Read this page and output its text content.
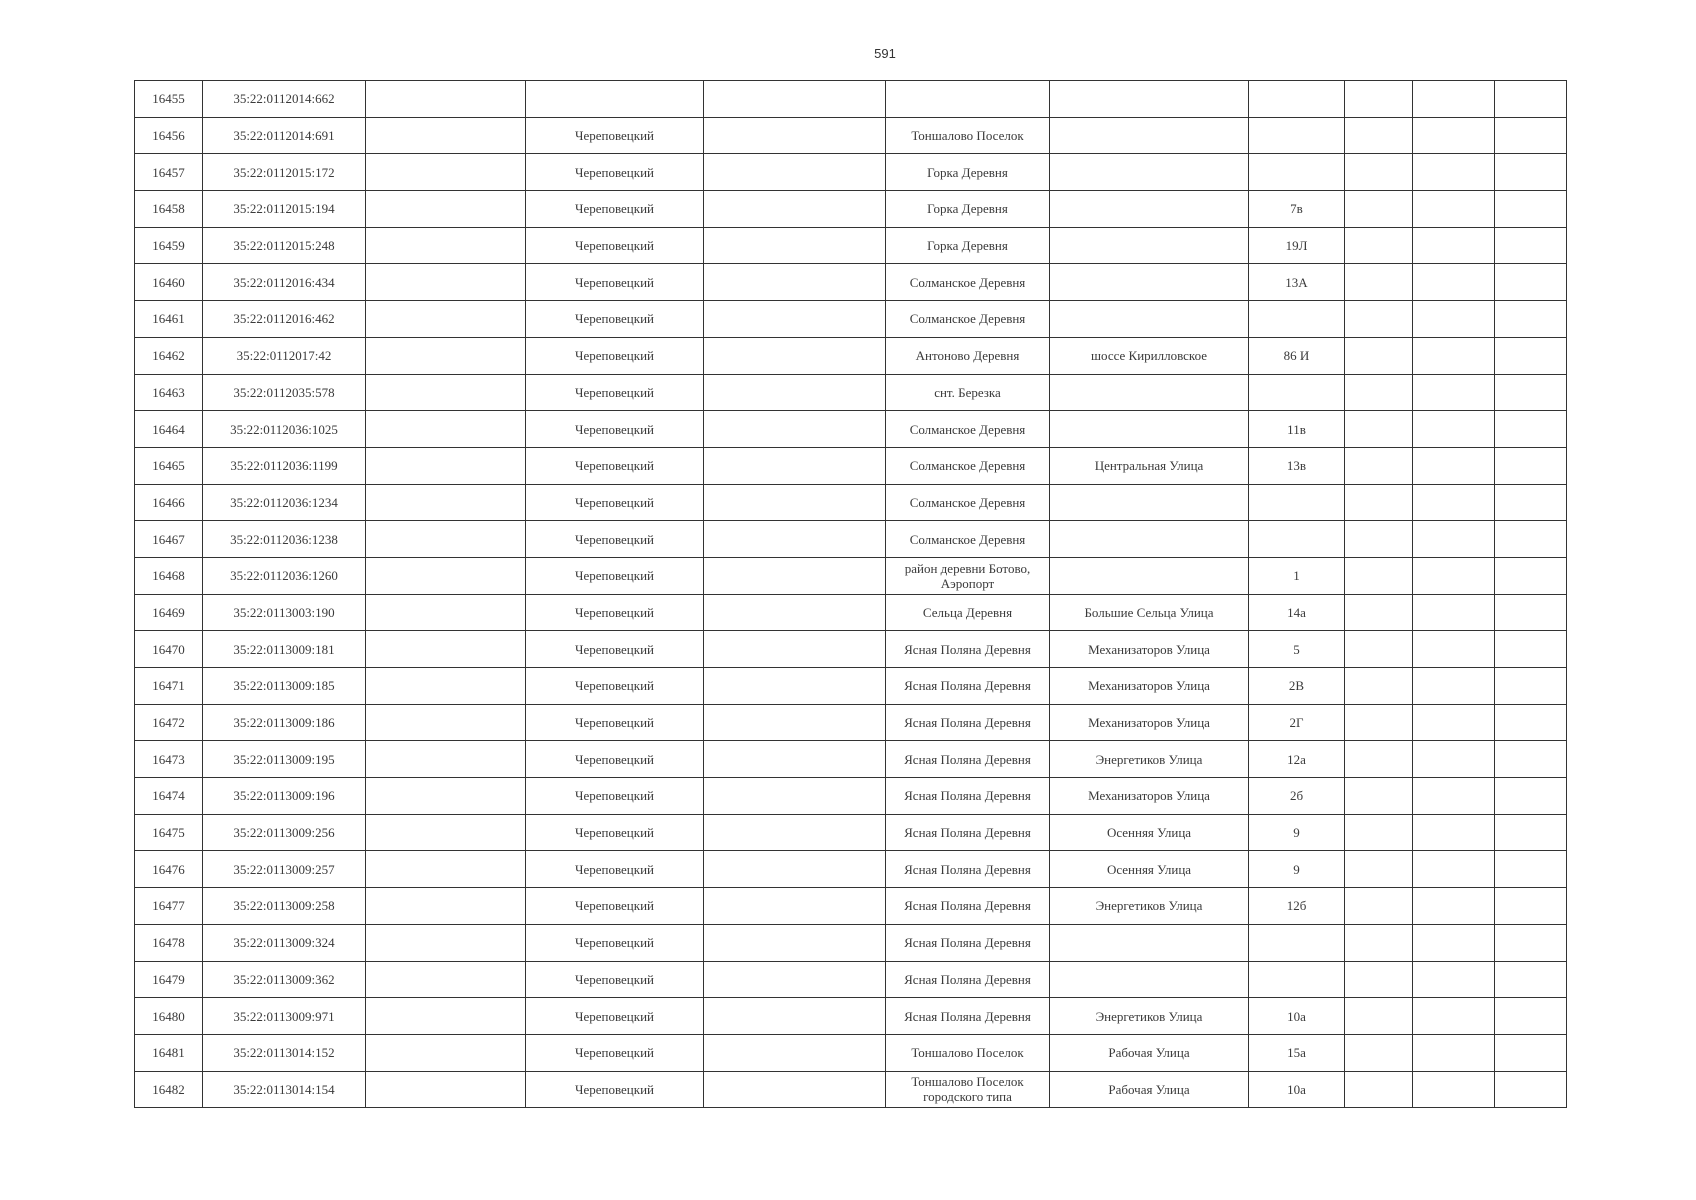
591
16455	35:22:0112014:662									
16456	35:22:0112014:691		Череповецкий		Тоншалово Поселок					
16457	35:22:0112015:172		Череповецкий		Горка Деревня					
16458	35:22:0112015:194		Череповецкий		Горка Деревня		7в			
16459	35:22:0112015:248		Череповецкий		Горка Деревня		19Л			
16460	35:22:0112016:434		Череповецкий		Солманское Деревня		13А			
16461	35:22:0112016:462		Череповецкий		Солманское Деревня					
16462	35:22:0112017:42		Череповецкий		Антоново Деревня	шоссе Кирилловское	86 И			
16463	35:22:0112035:578		Череповецкий		снт. Березка					
16464	35:22:0112036:1025		Череповецкий		Солманское Деревня		11в			
16465	35:22:0112036:1199		Череповецкий		Солманское Деревня	Центральная Улица	13в			
16466	35:22:0112036:1234		Череповецкий		Солманское Деревня					
16467	35:22:0112036:1238		Череповецкий		Солманское Деревня					
16468	35:22:0112036:1260		Череповецкий		район деревни Ботово, Аэропорт		1			
16469	35:22:0113003:190		Череповецкий		Сельца Деревня	Большие Сельца Улица	14а			
16470	35:22:0113009:181		Череповецкий		Ясная Поляна Деревня	Механизаторов Улица	5			
16471	35:22:0113009:185		Череповецкий		Ясная Поляна Деревня	Механизаторов Улица	2В			
16472	35:22:0113009:186		Череповецкий		Ясная Поляна Деревня	Механизаторов Улица	2Г			
16473	35:22:0113009:195		Череповецкий		Ясная Поляна Деревня	Энергетиков Улица	12а			
16474	35:22:0113009:196		Череповецкий		Ясная Поляна Деревня	Механизаторов Улица	2б			
16475	35:22:0113009:256		Череповецкий		Ясная Поляна Деревня	Осенняя Улица	9			
16476	35:22:0113009:257		Череповецкий		Ясная Поляна Деревня	Осенняя Улица	9			
16477	35:22:0113009:258		Череповецкий		Ясная Поляна Деревня	Энергетиков Улица	12б			
16478	35:22:0113009:324		Череповецкий		Ясная Поляна Деревня					
16479	35:22:0113009:362		Череповецкий		Ясная Поляна Деревня					
16480	35:22:0113009:971		Череповецкий		Ясная Поляна Деревня	Энергетиков Улица	10а			
16481	35:22:0113014:152		Череповецкий		Тоншалово Поселок	Рабочая Улица	15а			
16482	35:22:0113014:154		Череповецкий		Тоншалово Поселок городского типа	Рабочая Улица	10а			
